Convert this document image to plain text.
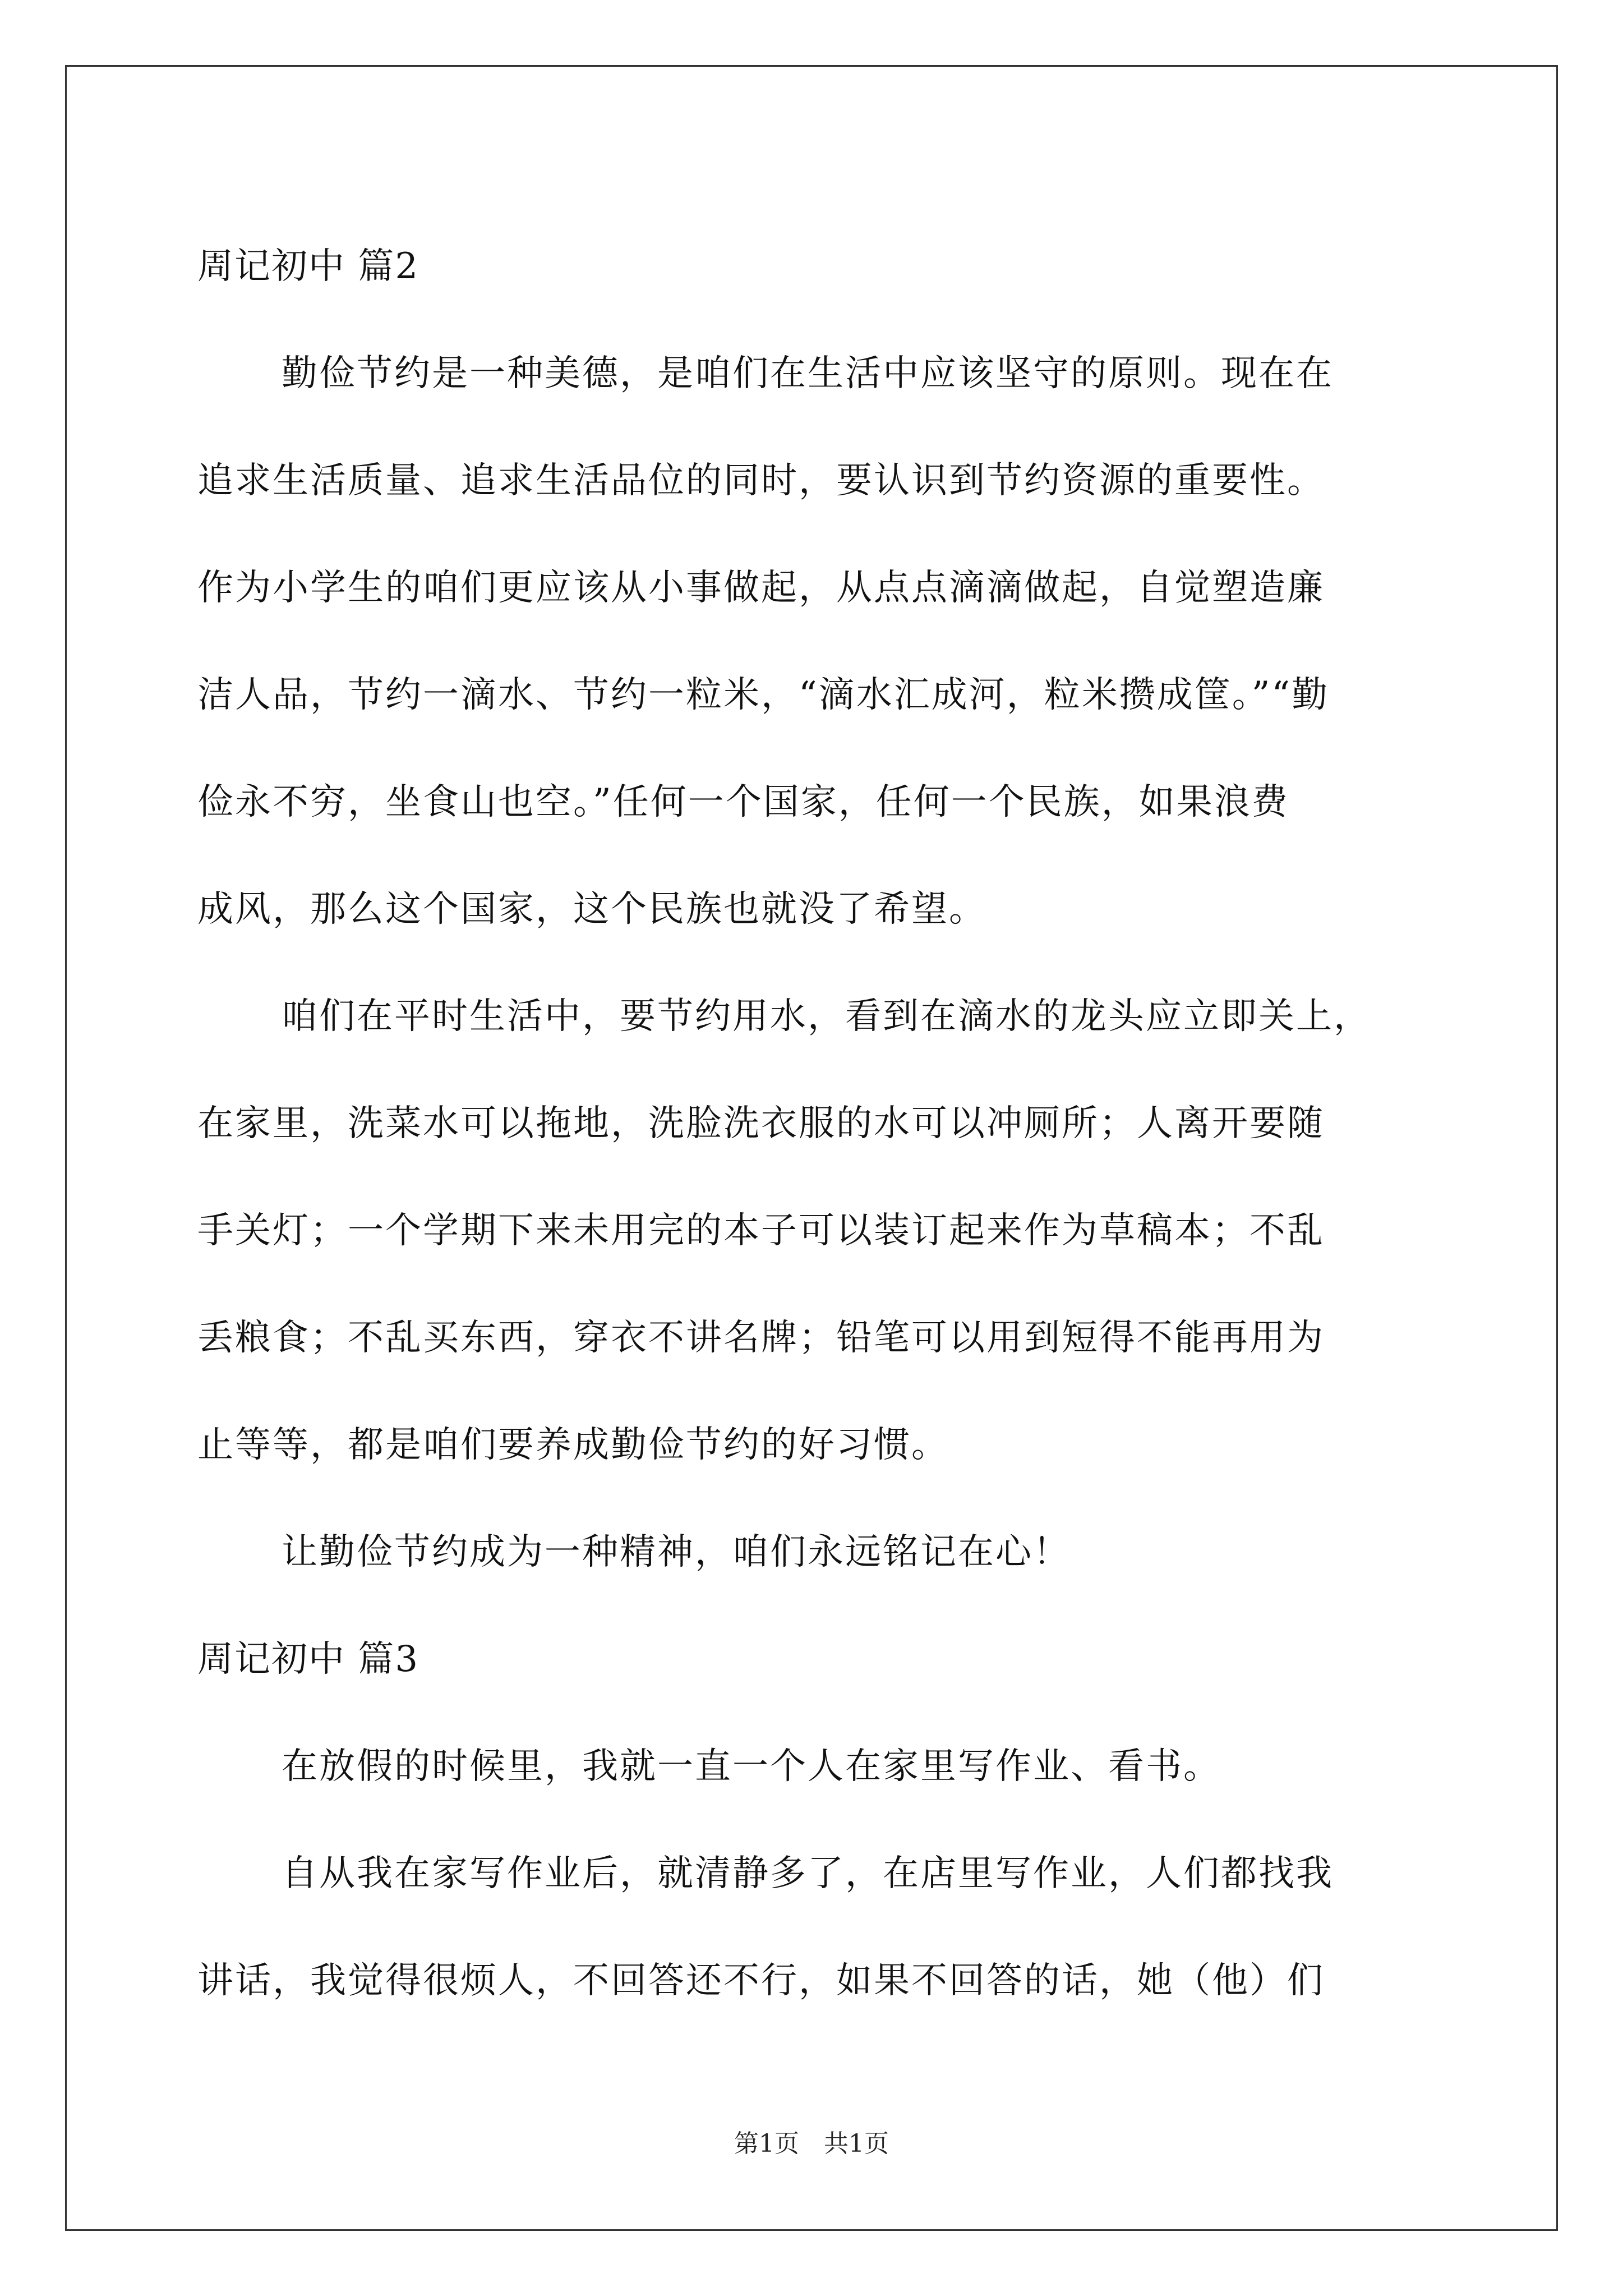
周记初中 篇2
勤俭节约是一种美德，是咱们在生活中应该坚守的原则。现在在
追求生活质量、追求生活品位的同时，要认识到节约资源的重要性。
作为小学生的咱们更应该从小事做起，从点点滴滴做起，自觉塑造廉
洁人品，节约一滴水、节约一粒米，“滴水汇成河，粒米攒成筐。”“勤
俭永不穷，坐食山也空。”任何一个国家，任何一个民族，如果浪费
成风，那么这个国家，这个民族也就没了希望。
咱们在平时生活中，要节约用水，看到在滴水的龙头应立即关上，
在家里，洗菜水可以拖地，洗脸洗衣服的水可以冲厕所；人离开要随
手关灯；一个学期下来未用完的本子可以装订起来作为草稿本；不乱
丢粮食；不乱买东西，穿衣不讲名牌；铅笔可以用到短得不能再用为
止等等，都是咱们要养成勤俭节约的好习惯。
让勤俭节约成为一种精神，咱们永远铭记在心！
周记初中 篇3
在放假的时候里，我就一直一个人在家里写作业、看书。
自从我在家写作业后，就清静多了，在店里写作业，人们都找我
讲话，我觉得很烦人，不回答还不行，如果不回答的话，她（他）们
第1页　共1页
